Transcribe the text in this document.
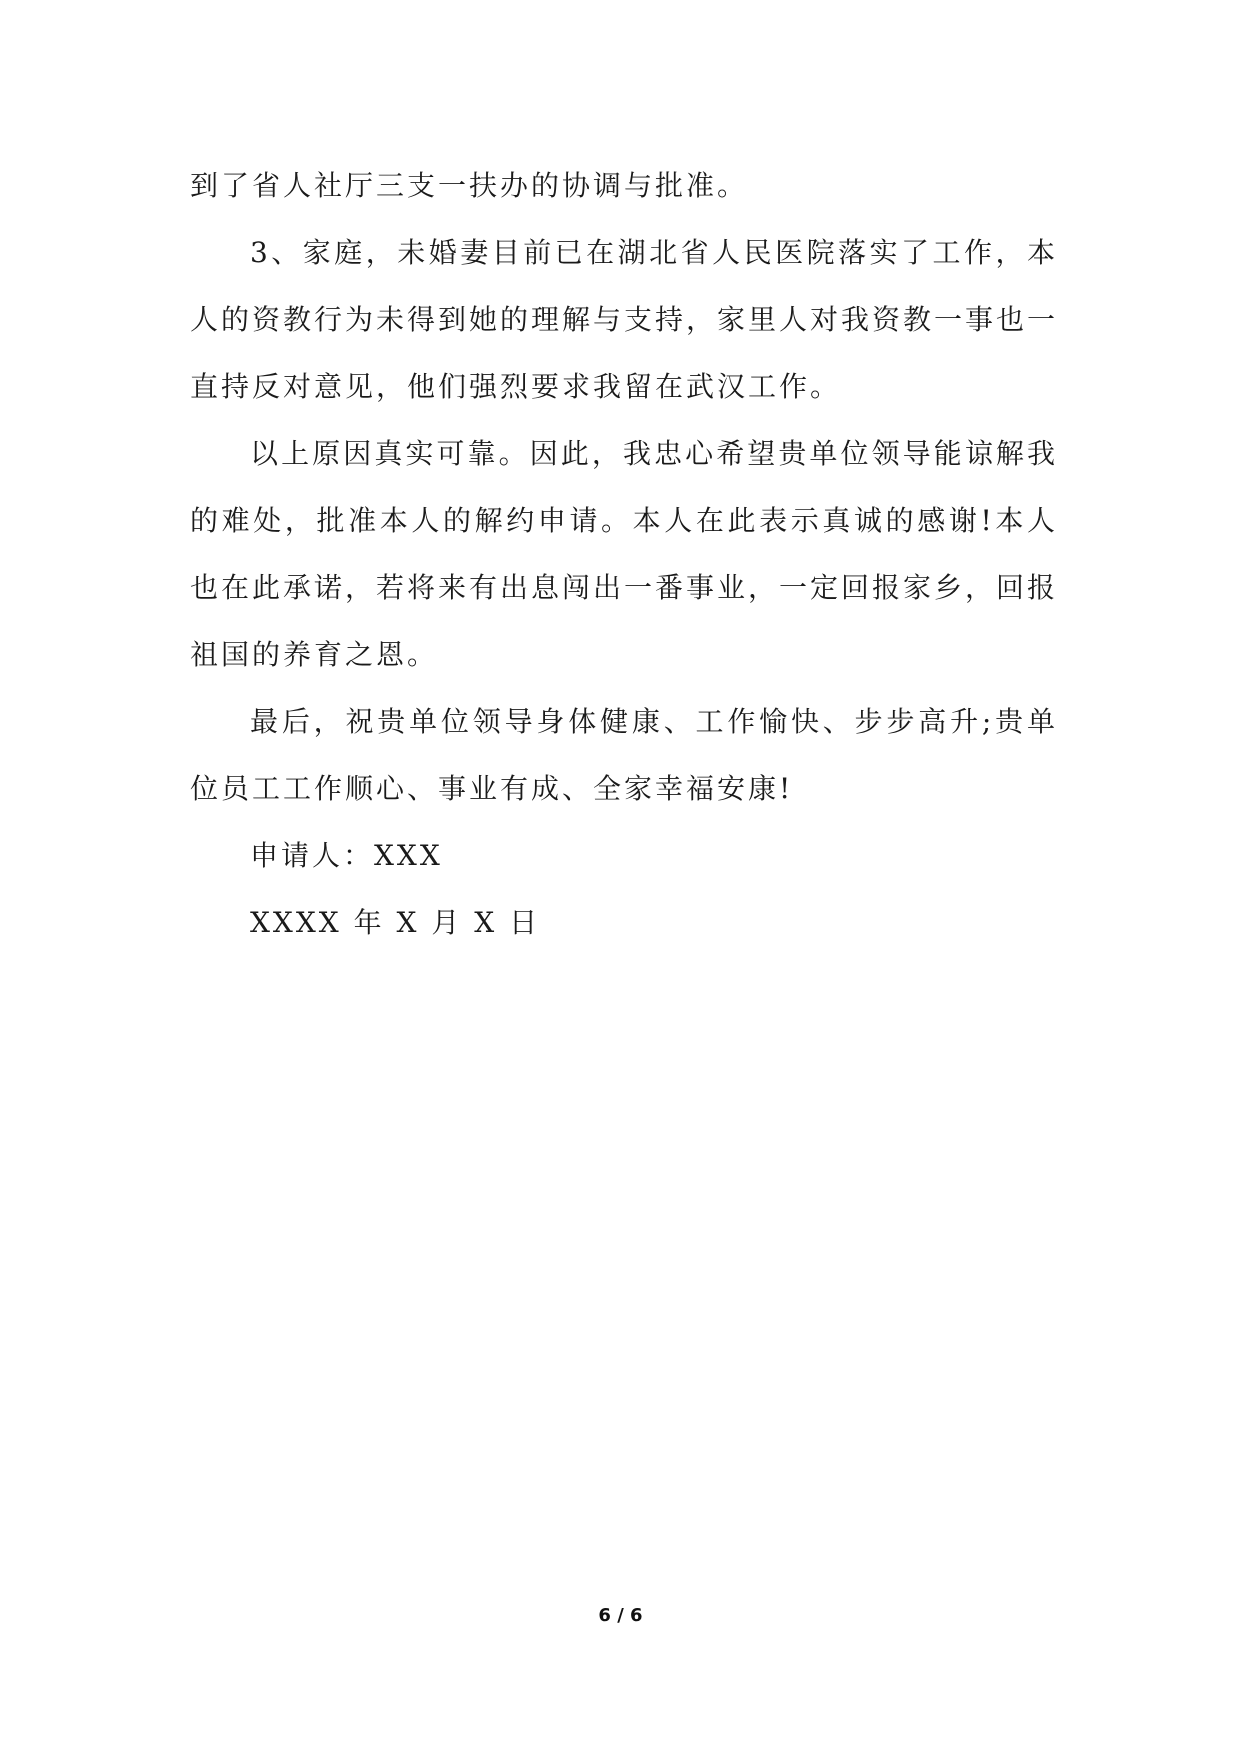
到了省人社厅三支一扶办的协调与批准。

3、家庭，未婚妻目前已在湖北省人民医院落实了工作，本人的资教行为未得到她的理解与支持，家里人对我资教一事也一直持反对意见，他们强烈要求我留在武汉工作。

以上原因真实可靠。因此，我忠心希望贵单位领导能谅解我的难处，批准本人的解约申请。本人在此表示真诚的感谢!本人也在此承诺，若将来有出息闯出一番事业，一定回报家乡，回报祖国的养育之恩。

最后，祝贵单位领导身体健康、工作愉快、步步高升;贵单位员工工作顺心、事业有成、全家幸福安康!

申请人：XXX

XXXX 年 X 月 X 日

6 / 6
